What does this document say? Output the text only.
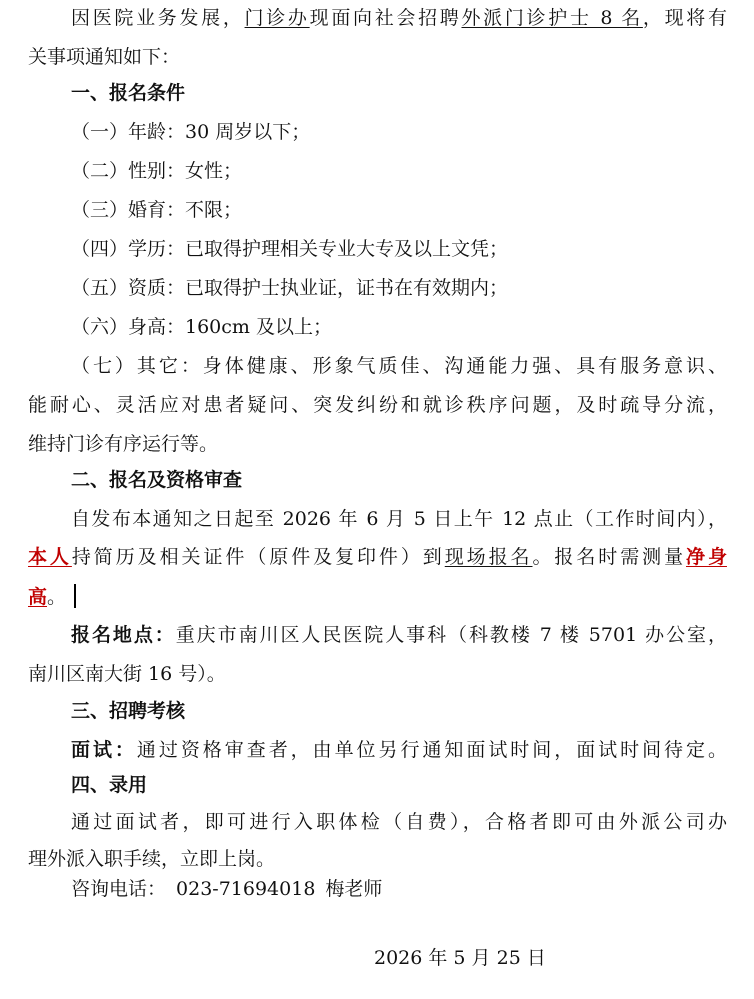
因医院业务发展，门诊办现面向社会招聘外派门诊护士 8 名，现将有
关事项通知如下：
一、报名条件
（一）年龄：30 周岁以下；
（二）性别：女性；
（三）婚育：不限；
（四）学历：已取得护理相关专业大专及以上文凭；
（五）资质：已取得护士执业证，证书在有效期内；
（六）身高：160cm 及以上；
（七）其它：身体健康、形象气质佳、沟通能力强、具有服务意识、
能耐心、灵活应对患者疑问、突发纠纷和就诊秩序问题，及时疏导分流，
维持门诊有序运行等。
二、报名及资格审查
自发布本通知之日起至 2026 年 6 月 5 日上午 12 点止（工作时间内），
本人持简历及相关证件（原件及复印件）到现场报名。报名时需测量净身
高。
报名地点：重庆市南川区人民医院人事科（科教楼 7 楼 5701 办公室，
南川区南大街 16 号）。
三、招聘考核
面试：通过资格审查者，由单位另行通知面试时间，面试时间待定。
四、录用
通过面试者，即可进行入职体检（自费），合格者即可由外派公司办
理外派入职手续，立即上岗。
咨询电话： 023-71694018 梅老师
2026 年 5 月 25 日
